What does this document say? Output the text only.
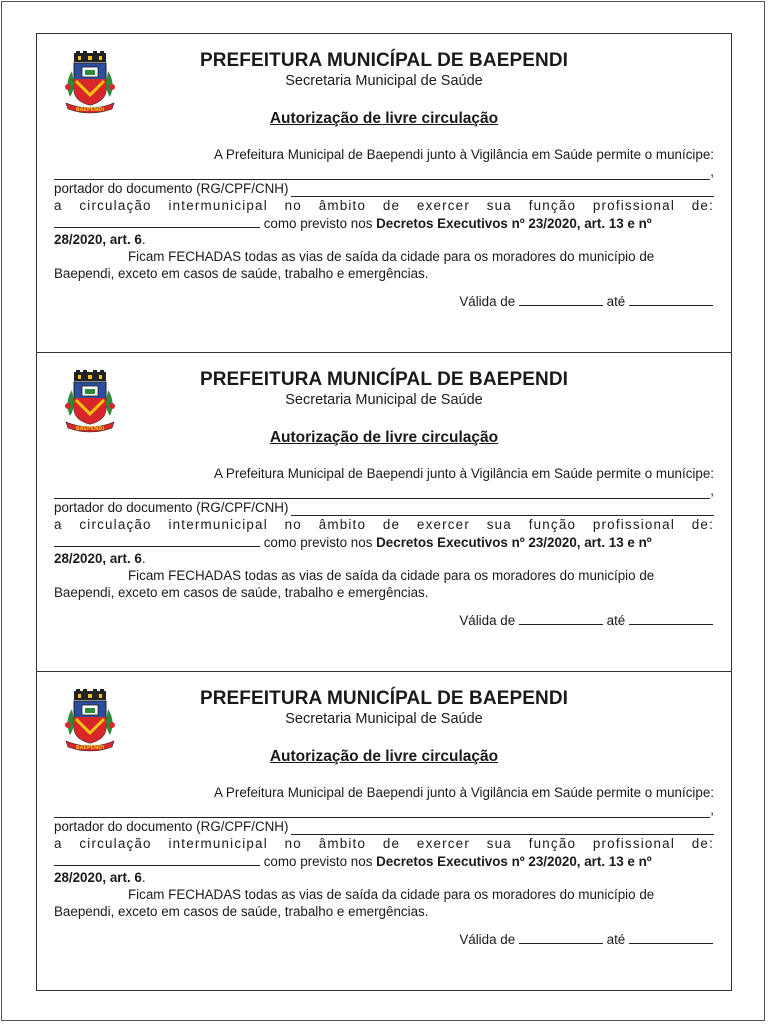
BAEPENDI
PREFEITURA MUNICÍPAL DE BAEPENDI
Secretaria Municipal de Saúde
Autorização de livre circulação
A Prefeitura Municipal de Baependi junto à Vigilância em Saúde permite o munícipe:
,
portador do documento (RG/CPF/CNH)
a circulação intermunicipal no âmbito de exercer sua função profissional de:
como previsto nos Decretos Executivos nº 23/2020, art. 13 e nº
28/2020, art. 6.
Ficam FECHADAS todas as vias de saída da cidade para os moradores do município de
Baependi, exceto em casos de saúde, trabalho e emergências.
Válida de	até
BAEPENDI
PREFEITURA MUNICÍPAL DE BAEPENDI
Secretaria Municipal de Saúde
Autorização de livre circulação
A Prefeitura Municipal de Baependi junto à Vigilância em Saúde permite o munícipe:
,
portador do documento (RG/CPF/CNH)
a circulação intermunicipal no âmbito de exercer sua função profissional de:
como previsto nos Decretos Executivos nº 23/2020, art. 13 e nº
28/2020, art. 6.
Ficam FECHADAS todas as vias de saída da cidade para os moradores do município de
Baependi, exceto em casos de saúde, trabalho e emergências.
Válida de	até
BAEPENDI
PREFEITURA MUNICÍPAL DE BAEPENDI
Secretaria Municipal de Saúde
Autorização de livre circulação
A Prefeitura Municipal de Baependi junto à Vigilância em Saúde permite o munícipe:
,
portador do documento (RG/CPF/CNH)
a circulação intermunicipal no âmbito de exercer sua função profissional de:
como previsto nos Decretos Executivos nº 23/2020, art. 13 e nº
28/2020, art. 6.
Ficam FECHADAS todas as vias de saída da cidade para os moradores do município de
Baependi, exceto em casos de saúde, trabalho e emergências.
Válida de	até
